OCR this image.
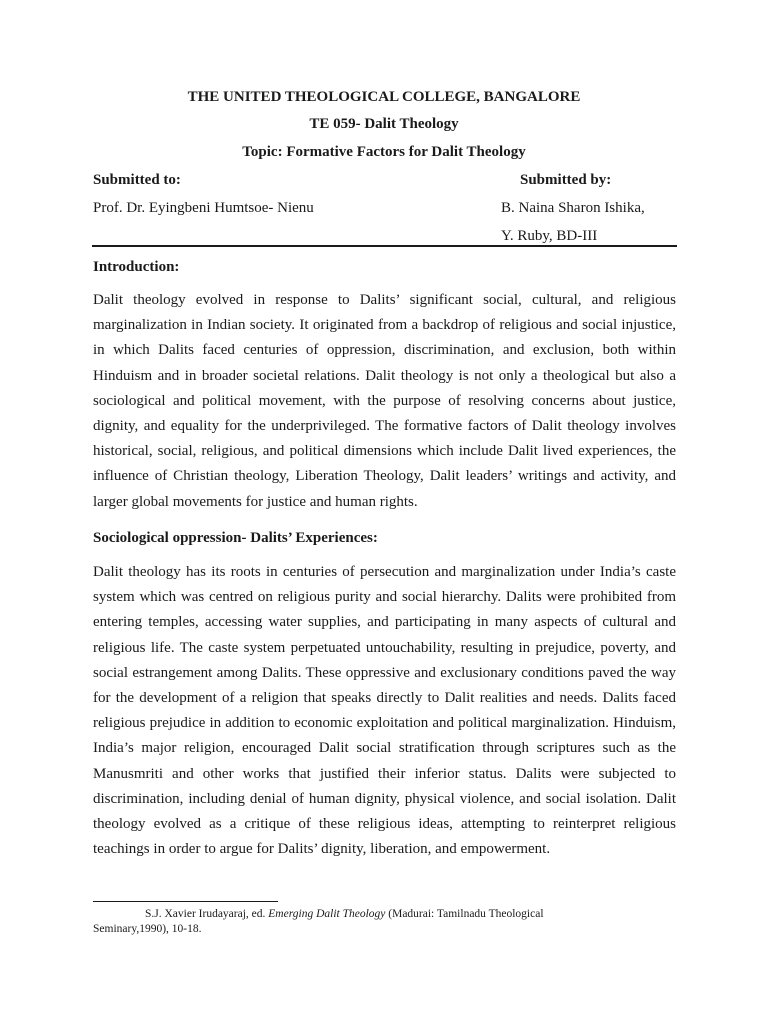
THE UNITED THEOLOGICAL COLLEGE, BANGALORE
TE 059- Dalit Theology
Topic: Formative Factors for Dalit Theology
Submitted to:	Submitted by:
Prof. Dr. Eyingbeni Humtsoe- Nienu	B. Naina Sharon Ishika,
Y. Ruby, BD-III
Introduction:

Dalit theology evolved in response to Dalits’ significant social, cultural, and religious marginalization in Indian society. It originated from a backdrop of religious and social injustice, in which Dalits faced centuries of oppression, discrimination, and exclusion, both within Hinduism and in broader societal relations. Dalit theology is not only a theological but also a sociological and political movement, with the purpose of resolving concerns about justice, dignity, and equality for the underprivileged. The formative factors of Dalit theology involves historical, social, religious, and political dimensions which include Dalit lived experiences, the influence of Christian theology, Liberation Theology, Dalit leaders’ writings and activity, and larger global movements for justice and human rights.

Sociological oppression- Dalits’ Experiences:

Dalit theology has its roots in centuries of persecution and marginalization under India’s caste system which was centred on religious purity and social hierarchy. Dalits were prohibited from entering temples, accessing water supplies, and participating in many aspects of cultural and religious life. The caste system perpetuated untouchability, resulting in prejudice, poverty, and social estrangement among Dalits. These oppressive and exclusionary conditions paved the way for the development of a religion that speaks directly to Dalit realities and needs. Dalits faced religious prejudice in addition to economic exploitation and political marginalization. Hinduism, India’s major religion, encouraged Dalit social stratification through scriptures such as the Manusmriti and other works that justified their inferior status. Dalits were subjected to discrimination, including denial of human dignity, physical violence, and social isolation. Dalit theology evolved as a critique of these religious ideas, attempting to reinterpret religious teachings in order to argue for Dalits’ dignity, liberation, and empowerment.

S.J. Xavier Irudayaraj, ed. Emerging Dalit Theology (Madurai: Tamilnadu Theological Seminary,1990), 10-18.
